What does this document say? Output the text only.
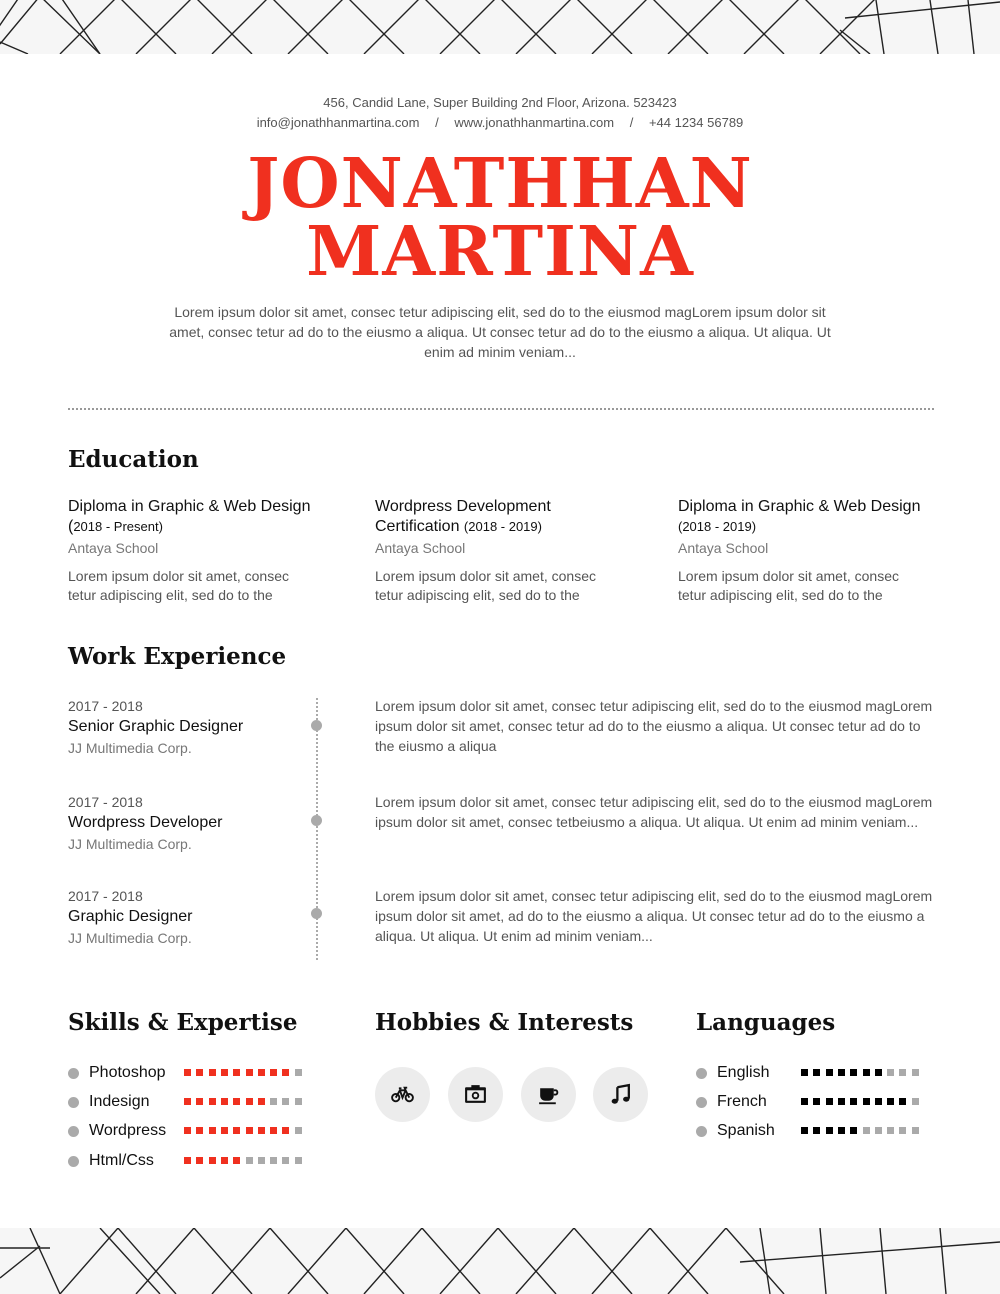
456, Candid Lane, Super Building 2nd Floor, Arizona. 523423
info@jonathhanmartina.com / www.jonathhanmartina.com / +44 1234 56789
JONATHHAN
MARTINA
Lorem ipsum dolor sit amet, consec tetur adipiscing elit, sed do to the eiusmod magLorem ipsum dolor sit amet, consec tetur ad do to the eiusmo a aliqua. Ut consec tetur ad do to the eiusmo a aliqua. Ut aliqua. Ut enim ad minim veniam...
Education
Diploma in Graphic & Web Design (2018 - Present)
Antaya School
Lorem ipsum dolor sit amet, consec tetur adipiscing elit, sed do to the
Wordpress Development Certification (2018 - 2019)
Antaya School
Lorem ipsum dolor sit amet, consec tetur adipiscing elit, sed do to the
Diploma in Graphic & Web Design (2018 - 2019)
Antaya School
Lorem ipsum dolor sit amet, consec tetur adipiscing elit, sed do to the
Work Experience
2017 - 2018
Senior Graphic Designer
JJ Multimedia Corp.
Lorem ipsum dolor sit amet, consec tetur adipiscing elit, sed do to the eiusmod magLorem ipsum dolor sit amet, consec tetur ad do to the eiusmo a aliqua. Ut consec tetur ad do to the eiusmo a aliqua
2017 - 2018
Wordpress Developer
JJ Multimedia Corp.
Lorem ipsum dolor sit amet, consec tetur adipiscing elit, sed do to the eiusmod magLorem ipsum dolor sit amet, consec tetbeiusmo a aliqua. Ut aliqua. Ut enim ad minim veniam...
2017 - 2018
Graphic Designer
JJ Multimedia Corp.
Lorem ipsum dolor sit amet, consec tetur adipiscing elit, sed do to the eiusmod magLorem ipsum dolor sit amet, ad do to the eiusmo a aliqua. Ut consec tetur ad do to the eiusmo a aliqua. Ut aliqua. Ut enim ad minim veniam...
Skills & Expertise
Photoshop
Indesign
Wordpress
Html/Css
Hobbies & Interests	Languages
English
French
Spanish
